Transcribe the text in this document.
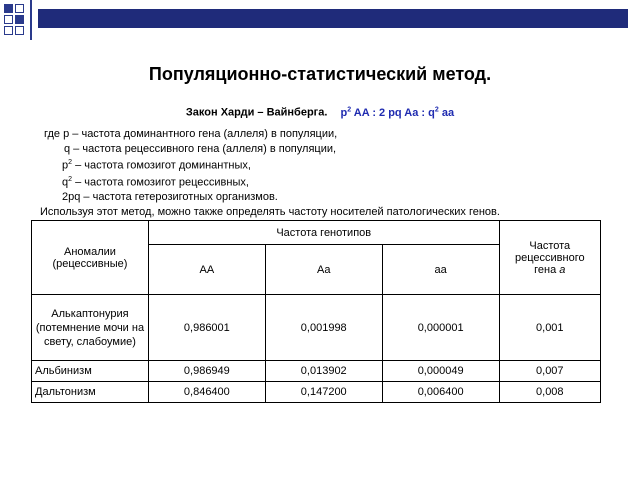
Популяционно-статистический метод.
Закон Харди – Вайнберга. $p^2$ AA : 2 pq Aa : $q^2$ aa
где p – частота доминантного гена (аллеля) в популяции,
q – частота рецессивного гена (аллеля) в популяции,
$p^2$ – частота гомозигот доминантных,
$q^2$ – частота гомозигот рецессивных,
2pq – частота гетерозиготных организмов.
Используя этот метод, можно также определять частоту носителей патологических генов.
Аномалии (рецессивные)	Частота генотипов			Частота рецессивного гена a
	АА	Аа	аа	
Алькаптонурия (потемнение мочи на свету, слабоумие)	0,986001	0,001998	0,000001	0,001
Альбинизм	0,986949	0,013902	0,000049	0,007
Дальтонизм	0,846400	0,147200	0,006400	0,008
